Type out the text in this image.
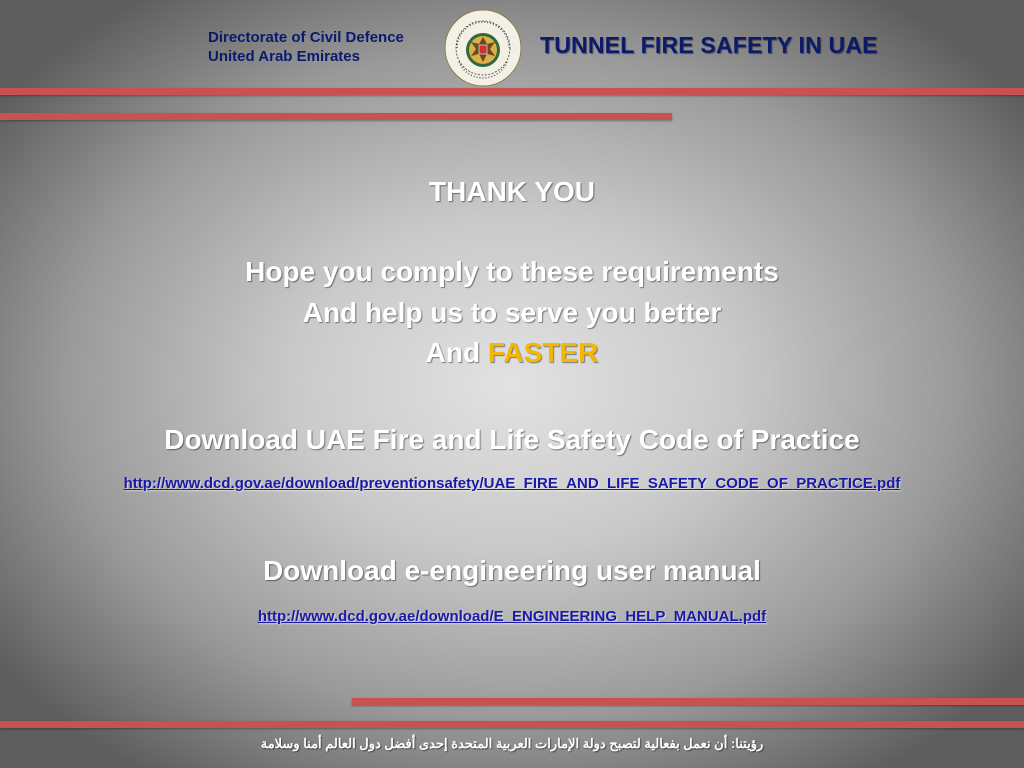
Directorate of Civil Defence
United Arab Emirates	TUNNEL FIRE SAFETY IN UAE
THANK YOU
Hope you comply to these requirements
And help us to serve you better
And FASTER
Download UAE Fire and Life Safety Code of Practice
http://www.dcd.gov.ae/download/preventionsafety/UAE_FIRE_AND_LIFE_SAFETY_CODE_OF_PRACTICE.pdf
Download e-engineering user manual
http://www.dcd.gov.ae/download/E_ENGINEERING_HELP_MANUAL.pdf
رؤيتنا: أن نعمل بفعالية لتصبح دولة الإمارات العربية المتحدة إحدى أفضل دول العالم أمنا وسلامة
